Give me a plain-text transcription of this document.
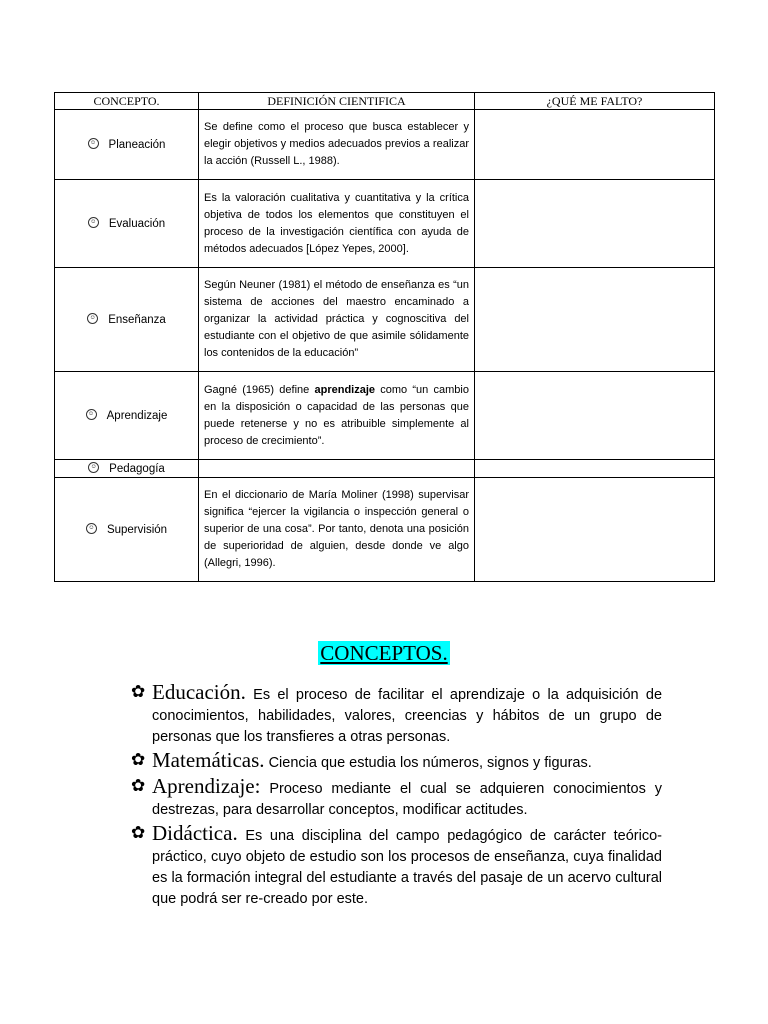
CONCEPTO.	DEFINICIÓN CIENTIFICA	¿QUÉ ME FALTO?
☺ Planeación	Se define como el proceso que busca establecer y elegir objetivos y medios adecuados previos a realizar la acción (Russell L., 1988).	
☺ Evaluación	Es la valoración cualitativa y cuantitativa y la crítica objetiva de todos los elementos que constituyen el proceso de la investigación científica con ayuda de métodos adecuados [López Yepes, 2000].	
☺ Enseñanza	Según Neuner (1981) el método de enseñanza es “un sistema de acciones del maestro encaminado a organizar la actividad práctica y cognoscitiva del estudiante con el objetivo de que asimile sólidamente los contenidos de la educación”	
☺ Aprendizaje	Gagné (1965) define aprendizaje como “un cambio en la disposición o capacidad de las personas que puede retenerse y no es atribuible simplemente al proceso de crecimiento”.	
☺ Pedagogía		
☺ Supervisión	En el diccionario de María Moliner (1998) supervisar significa “ejercer la vigilancia o inspección general o superior de una cosa”. Por tanto, denota una posición de superioridad de alguien, desde donde ve algo (Allegri, 1996).	
CONCEPTOS.
✿ Educación. Es el proceso de facilitar el aprendizaje o la adquisición de conocimientos, habilidades, valores, creencias y hábitos de un grupo de personas que los transfieres a otras personas.
✿ Matemáticas. Ciencia que estudia los números, signos y figuras.
✿ Aprendizaje: Proceso mediante el cual se adquieren conocimientos y destrezas, para desarrollar conceptos, modificar actitudes.
✿ Didáctica. Es una disciplina del campo pedagógico de carácter teórico-práctico, cuyo objeto de estudio son los procesos de enseñanza, cuya finalidad es la formación integral del estudiante a través del pasaje de un acervo cultural que podrá ser re-creado por este.
